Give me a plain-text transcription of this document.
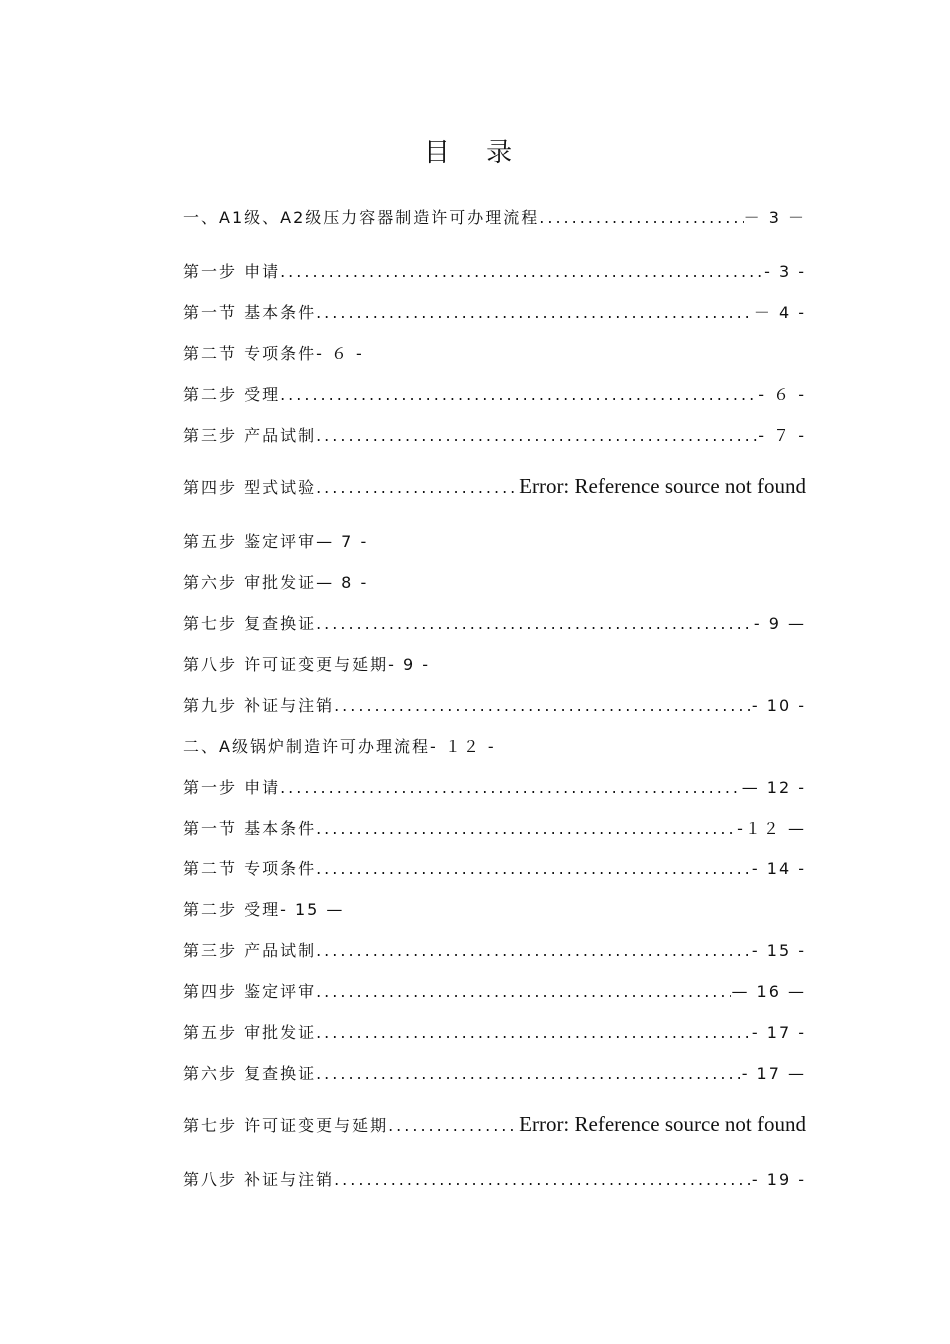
目 录
一、A1级、A2级压力容器制造许可办理流程 .....	－ 3 －
第一步 申请 .....	- 3 -
第一节 基本条件 .....	－ 4 -
第二节 专项条件 - ６ -
第二步 受理 .....	- ６ -
第三步 产品试制 .....	- ７ -
第四步 型式试验 .....	Error: Reference source not found
第五步 鉴定评审 — 7 -
第六步 审批发证 — 8 -
第七步 复查换证 .....	- 9 —
第八步 许可证变更与延期 - 9 -
第九步 补证与注销 .....	- 10 -
二、A级锅炉制造许可办理流程 - １２ -
第一步 申请 .....	— 12 -
第一节 基本条件 .....	-１２ —
第二节 专项条件 .....	- 14 -
第二步 受理 - 15 —
第三步 产品试制 .....	- 15 -
第四步 鉴定评审 .....	— 16 —
第五步 审批发证 .....	- 17 -
第六步 复查换证 .....	- 17 —
第七步 许可证变更与延期 .....	Error: Reference source not found
第八步 补证与注销 .....	- 19 -
